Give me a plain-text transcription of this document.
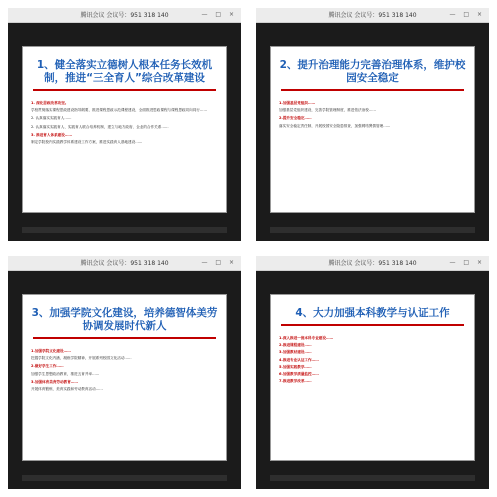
腾讯会议 会议号：951 318 140	— □ ×
1、健全落实立德树人根本任务长效机制，推进“三全育人”综合改革建设
1. 深化思政改革攻坚。
学校贯彻落实课程思政建设指导纲要，推进课程思政示范课程建设，全面推进思政课程与课程思政同向同行……
2. 认真落实实践育人……
2. 认真落实实践育人、实践育人联合培养机制，建立与地方政府、企业的合作关系……
3. 推进育人体系建设……
制定学院校内实践教学体系建设工作方案，推进实践育人基地建设……
腾讯会议 会议号：951 318 140	— □ ×
2、提升治理能力完善治理体系，维护校园安全稳定
1.加强基层党组织……
加强基层党组织建设，完善学院管理制度，推进依法治校……
2.提升安全稳定……
落实安全稳定责任制，开展校园安全隐患排查，加强网络舆情管理……
腾讯会议 会议号：951 318 140	— □ ×
3、加强学院文化建设，培养德智体美劳协调发展时代新人
1.加强学院文化建设……
挖掘学院文化内涵，凝练学院精神，开展系列校园文化活动……
2.做好学生工作……
加强学生思想政治教育，推进五育并举……
3.加强体育美育劳动教育……
开展体育锻炼、美育实践和劳动教育活动……
腾讯会议 会议号：951 318 140	— □ ×
4、大力加强本科教学与认证工作
1.深入推进一流本科专业建设……
2.推进课程建设……
3.加强教材建设……
4.推进专业认证工作……
5.加强实践教学……
6.加强教学质量监控……
7.推进教学改革……
